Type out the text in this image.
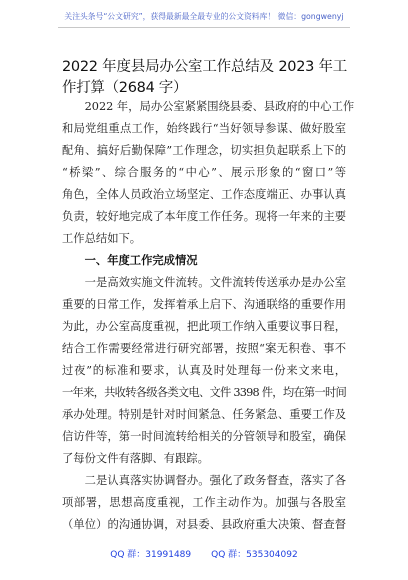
关注头条号“公文研究”，获得最新最全最专业的公文资料库！ 微信：gongwenyj
2022 年度县局办公室工作总结及 2023 年工
作打算（2684 字）
2022 年，局办公室紧紧围绕县委、县政府的中心工作
和局党组重点工作，始终践行“当好领导参谋、做好股室
配角、搞好后勤保障”工作理念，切实担负起联系上下的
“桥梁”、综合服务的“中心”、展示形象的“窗口”等
角色，全体人员政治立场坚定、工作态度端正、办事认真
负责，较好地完成了本年度工作任务。现将一年来的主要
工作总结如下。
一、年度工作完成情况
一是高效实施文件流转。文件流转传送承办是办公室
重要的日常工作，发挥着承上启下、沟通联络的重要作用
为此，办公室高度重视，把此项工作纳入重要议事日程，
结合工作需要经常进行研究部署，按照“案无积卷、事不
过夜”的标准和要求，认真及时处理每一份来文来电，
一年来，共收转各级各类文电、文件 3398 件，均在第一时间
承办处理。特别是针对时间紧急、任务紧急、重要工作及
信访件等，第一时间流转给相关的分管领导和股室，确保
了每份文件有落脚、有跟踪。
二是认真落实协调督办。强化了政务督查，落实了各
项部署，思想高度重视，工作主动作为。加强与各股室
（单位）的沟通协调，对县委、县政府重大决策、督查督
QQ 群：31991489 QQ 群：535304092
